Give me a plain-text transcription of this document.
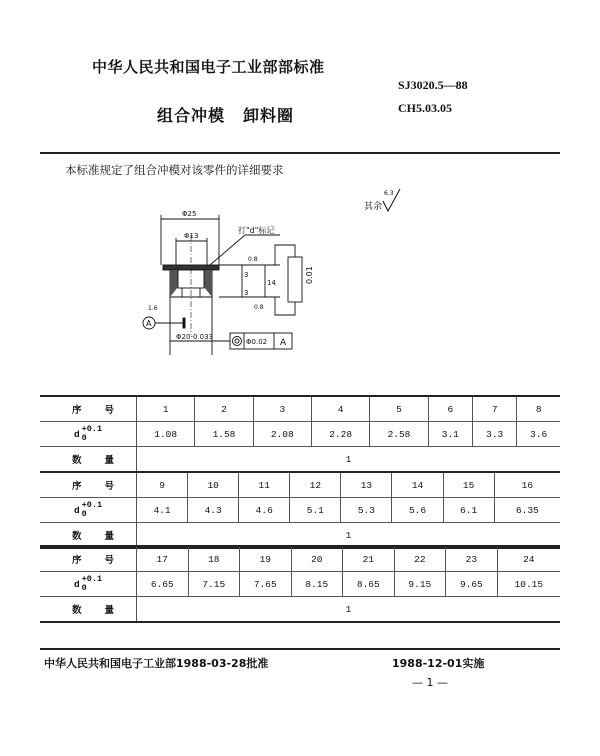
中华人民共和国电子工业部部标准
SJ3020.5—88
CH5.03.05
组合冲模 卸料圈
本标准规定了组合冲模对该零件的详细要求
其余
6.3
Φ25
Φ13
打"d"标记
3
3
14
0.8
0.8
0.01
1.6
A
Φ20-0.033
Φ0.02 A
序 号	1	2	3	4	5	6	7	8

d +0.1
0	1.08	1.58	2.08	2.28	2.58	3.1	3.3	3.6

数 量	1							
序 号	9	10	11	12	13	14	15	16

d +0.1
0	4.1	4.3	4.6	5.1	5.3	5.6	6.1	6.35

数 量	1							
序 号	17	18	19	20	21	22	23	24

d +0.1
0	6.65	7.15	7.65	8.15	8.65	9.15	9.65	10.15

数 量	1							
中华人民共和国电子工业部1988-03-28批准	1988-12-01实施
— 1 —
